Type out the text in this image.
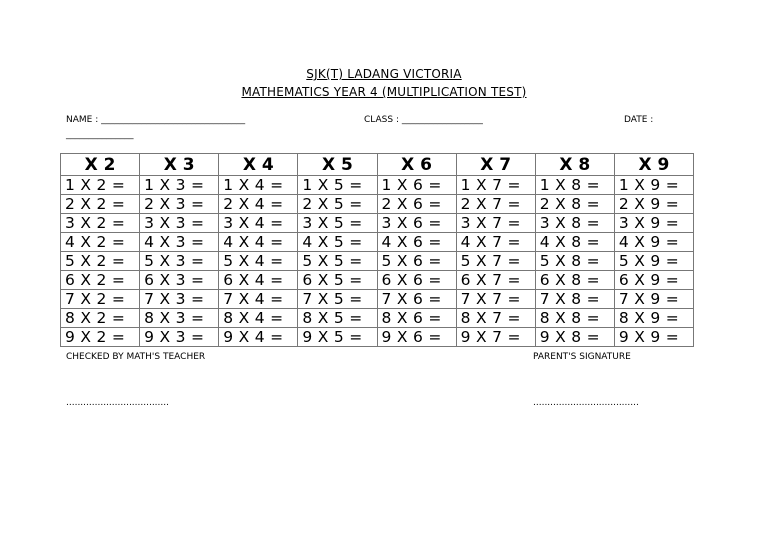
SJK(T) LADANG VICTORIA
MATHEMATICS YEAR 4 (MULTIPLICATION TEST)
NAME : ________________________________	CLASS : __________________	DATE :
_______________
X 2	X 3	X 4	X 5	X 6	X 7	X 8	X 9
1 X 2 =	1 X 3 =	1 X 4 =	1 X 5 =	1 X 6 =	1 X 7 =	1 X 8 =	1 X 9 =
2 X 2 =	2 X 3 =	2 X 4 =	2 X 5 =	2 X 6 =	2 X 7 =	2 X 8 =	2 X 9 =
3 X 2 =	3 X 3 =	3 X 4 =	3 X 5 =	3 X 6 =	3 X 7 =	3 X 8 =	3 X 9 =
4 X 2 =	4 X 3 =	4 X 4 =	4 X 5 =	4 X 6 =	4 X 7 =	4 X 8 =	4 X 9 =
5 X 2 =	5 X 3 =	5 X 4 =	5 X 5 =	5 X 6 =	5 X 7 =	5 X 8 =	5 X 9 =
6 X 2 =	6 X 3 =	6 X 4 =	6 X 5 =	6 X 6 =	6 X 7 =	6 X 8 =	6 X 9 =
7 X 2 =	7 X 3 =	7 X 4 =	7 X 5 =	7 X 6 =	7 X 7 =	7 X 8 =	7 X 9 =
8 X 2 =	8 X 3 =	8 X 4 =	8 X 5 =	8 X 6 =	8 X 7 =	8 X 8 =	8 X 9 =
9 X 2 =	9 X 3 =	9 X 4 =	9 X 5 =	9 X 6 =	9 X 7 =	9 X 8 =	9 X 9 =
CHECKED BY MATH'S TEACHER	PARENT'S SIGNATURE
....................................	.....................................
